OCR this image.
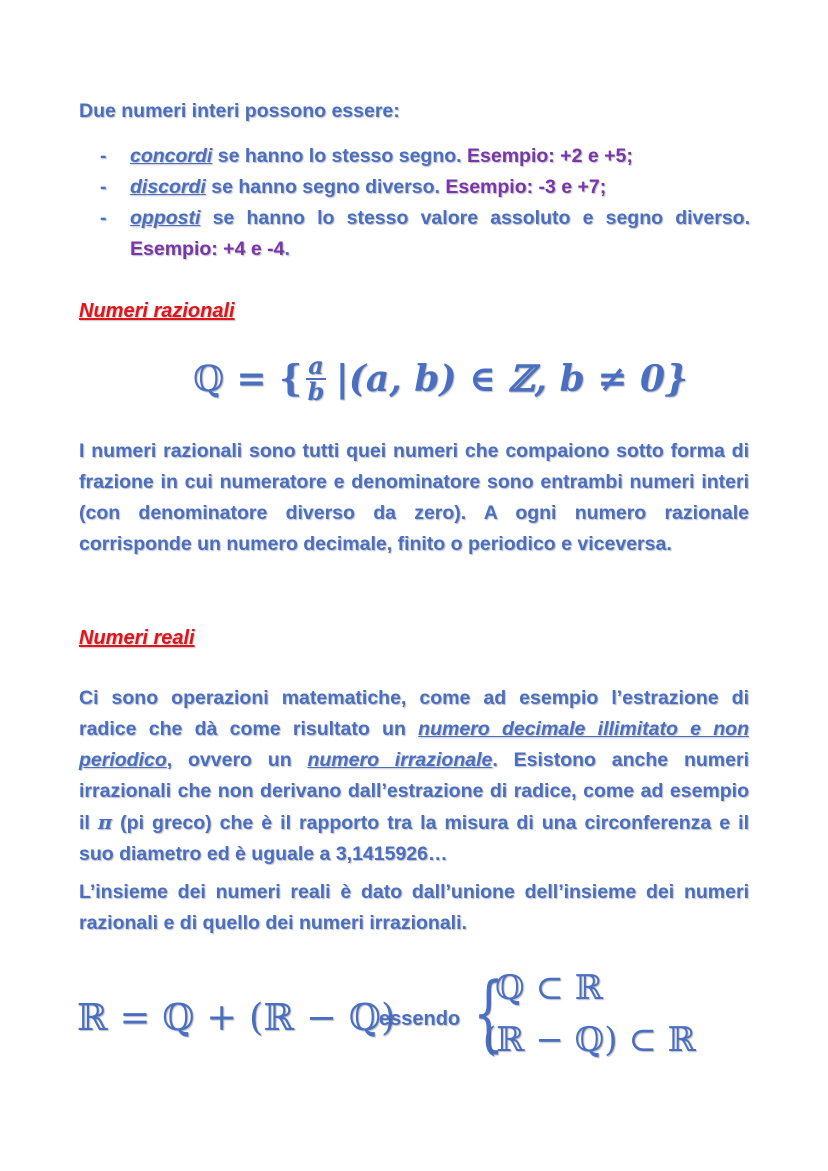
Due numeri interi possono essere:
- concordi se hanno lo stesso segno. Esempio: +2 e +5;
- discordi se hanno segno diverso. Esempio: -3 e +7;
- opposti se hanno lo stesso valore assoluto e segno diverso. Esempio: +4 e -4.
Numeri razionali
ℚ = { $\frac{a}{b} |(a$, b) ∈ ℤ, b ≠ 0}
I numeri razionali sono tutti quei numeri che compaiono sotto forma di frazione in cui numeratore e denominatore sono entrambi numeri interi (con denominatore diverso da zero). A ogni numero razionale corrisponde un numero decimale, finito o periodico e viceversa.
Numeri reali
Ci sono operazioni matematiche, come ad esempio l’estrazione di radice che dà come risultato un numero decimale illimitato e non periodico, ovvero un numero irrazionale. Esistono anche numeri irrazionali che non derivano dall’estrazione di radice, come ad esempio il π (pi greco) che è il rapporto tra la misura di una circonferenza e il suo diametro ed è uguale a 3,1415926…
L’insieme dei numeri reali è dato dall’unione dell’insieme dei numeri razionali e di quello dei numeri irrazionali.
ℝ = ℚ + (ℝ − ℚ)
essendo {
ℚ ⊂ ℝ
(ℝ − ℚ) ⊂ ℝ
